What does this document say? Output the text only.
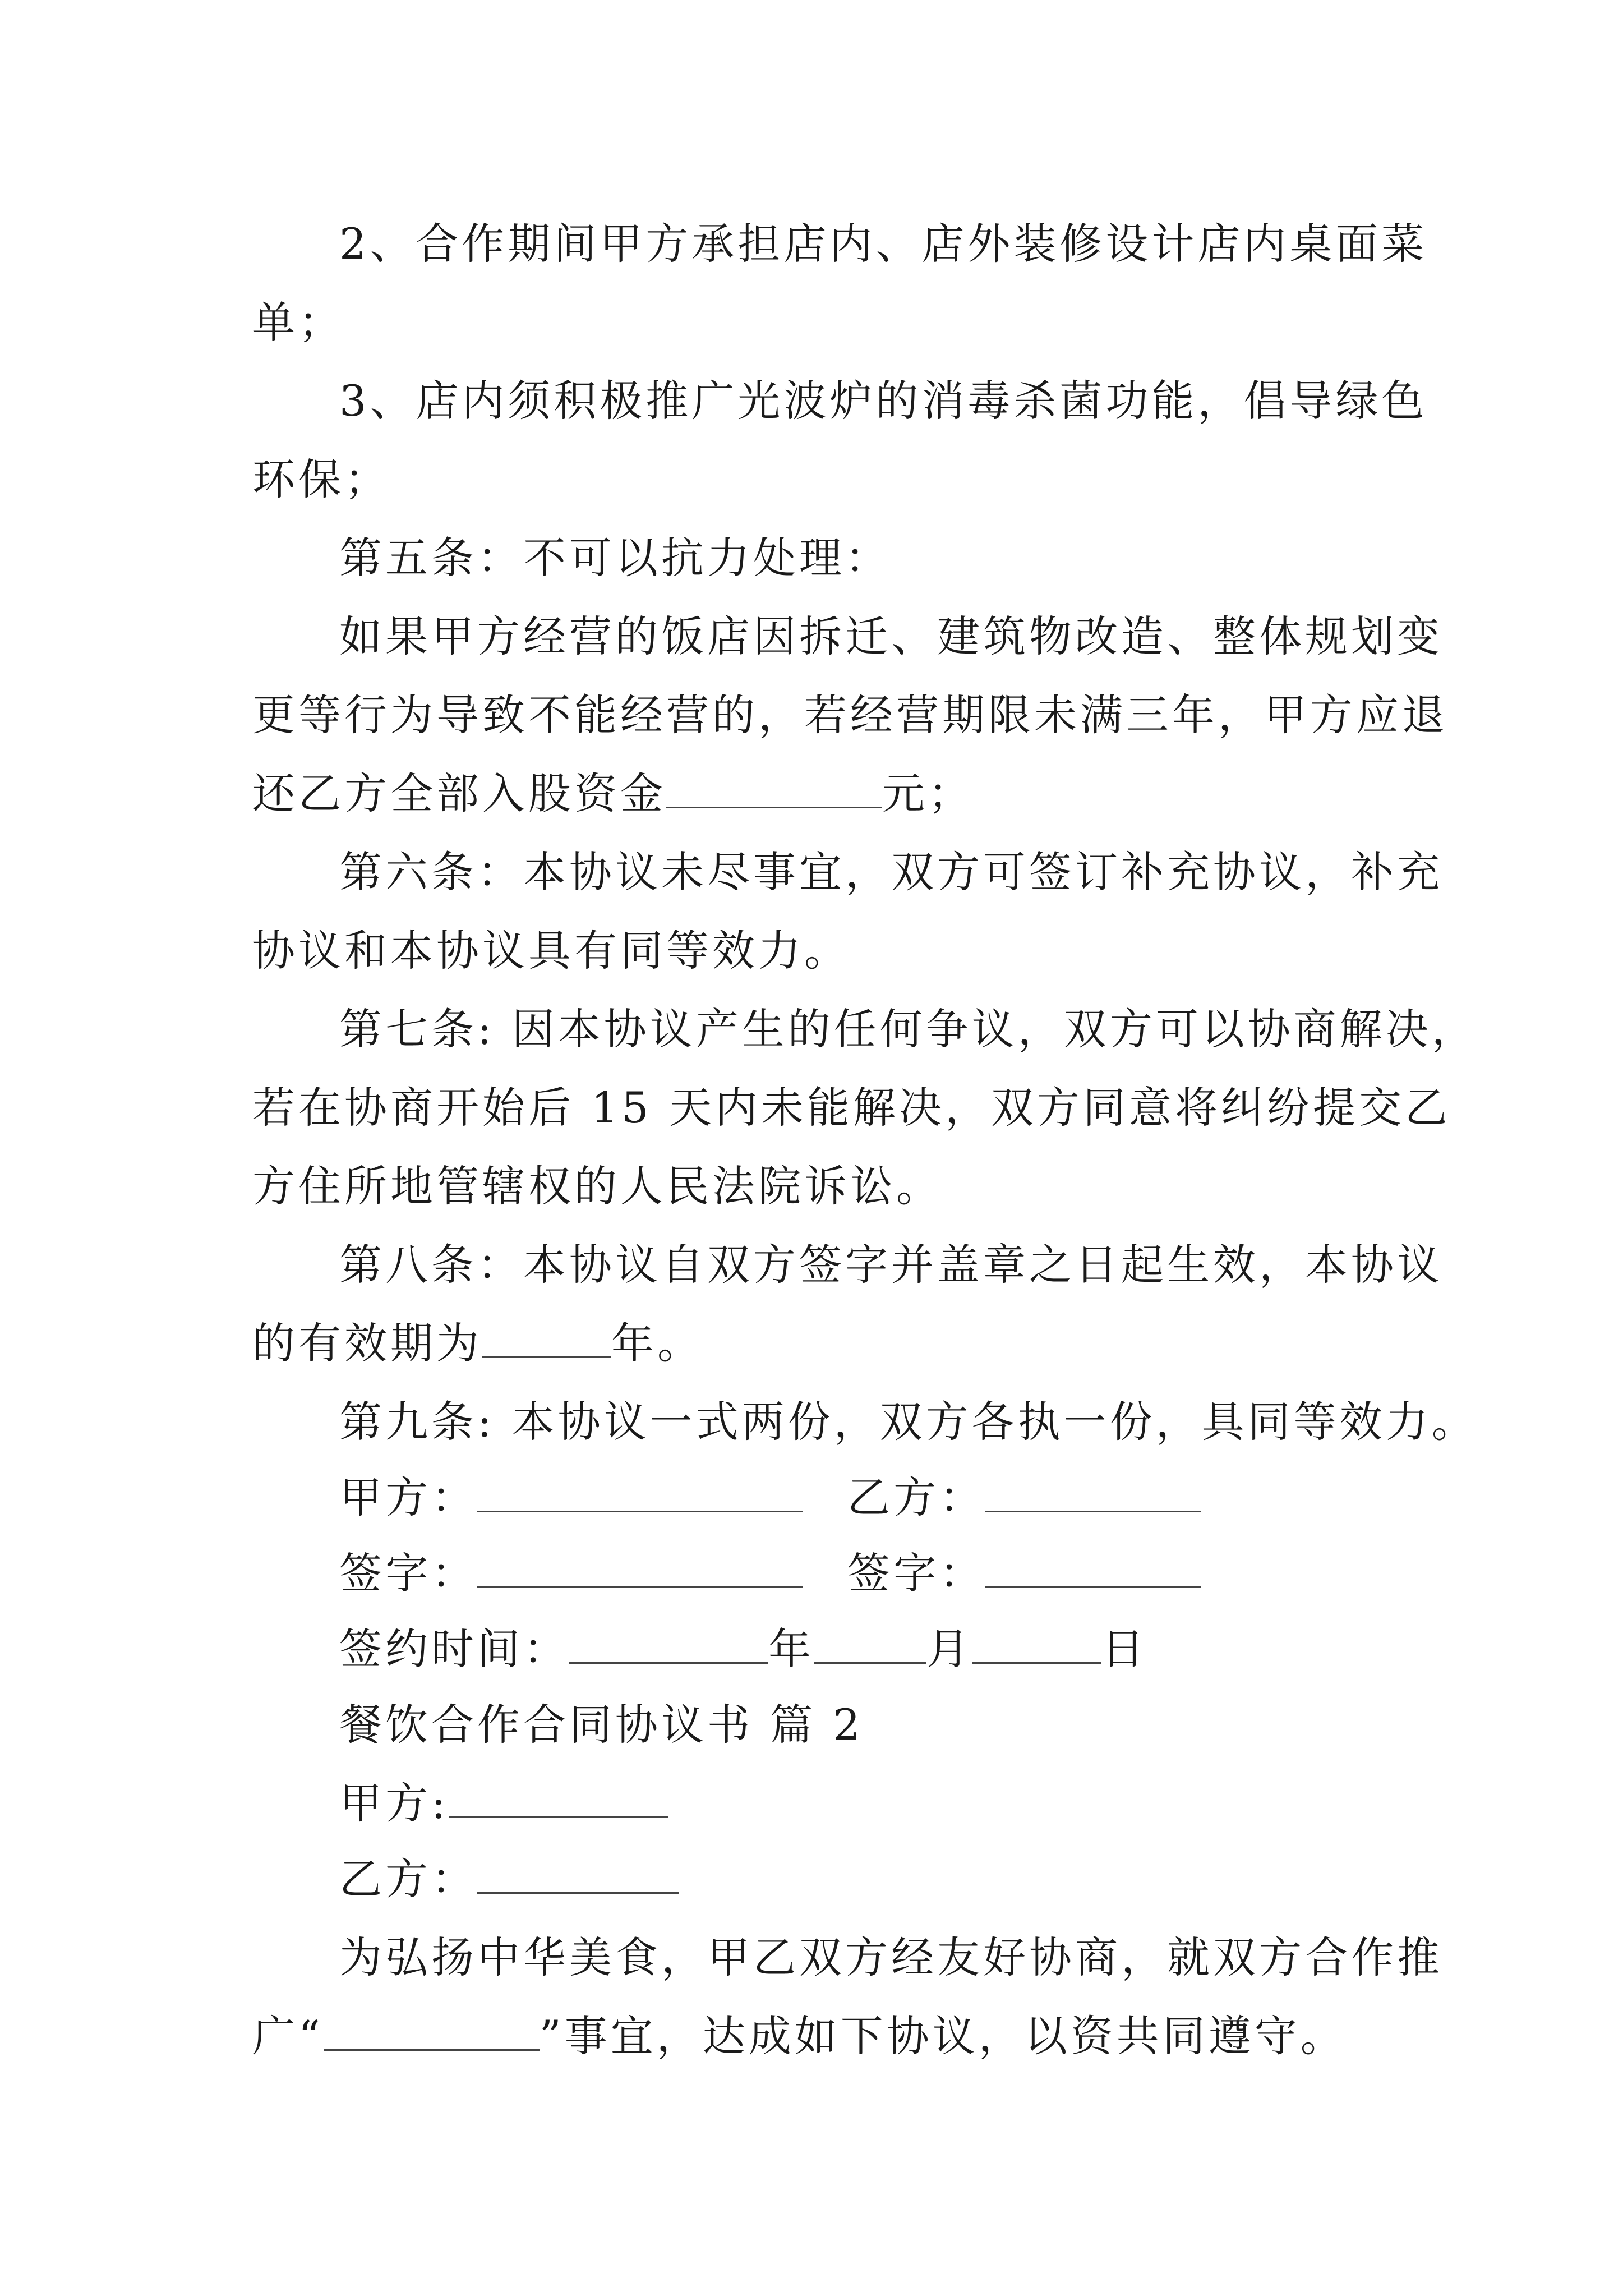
2、合作期间甲方承担店内、店外装修设计店内桌面菜
单；
3、店内须积极推广光波炉的消毒杀菌功能，倡导绿色
环保；
第五条：不可以抗力处理：
如果甲方经营的饭店因拆迁、建筑物改造、整体规划变
更等行为导致不能经营的，若经营期限未满三年，甲方应退
还乙方全部入股资金	元；
第六条：本协议未尽事宜，双方可签订补充协议，补充
协议和本协议具有同等效力。
第七条: 因本协议产生的任何争议，双方可以协商解决，
若在协商开始后 15 天内未能解决，双方同意将纠纷提交乙
方住所地管辖权的人民法院诉讼。
第八条：本协议自双方签字并盖章之日起生效，本协议
的有效期为	年。
第九条: 本协议一式两份，双方各执一份，具同等效力。
甲方：	乙方：
签字：	签字：
签约时间：	年	月	日
餐饮合作合同协议书 篇 2
甲方:
乙方：
为弘扬中华美食，甲乙双方经友好协商，就双方合作推
广“	”事宜，达成如下协议，以资共同遵守。
